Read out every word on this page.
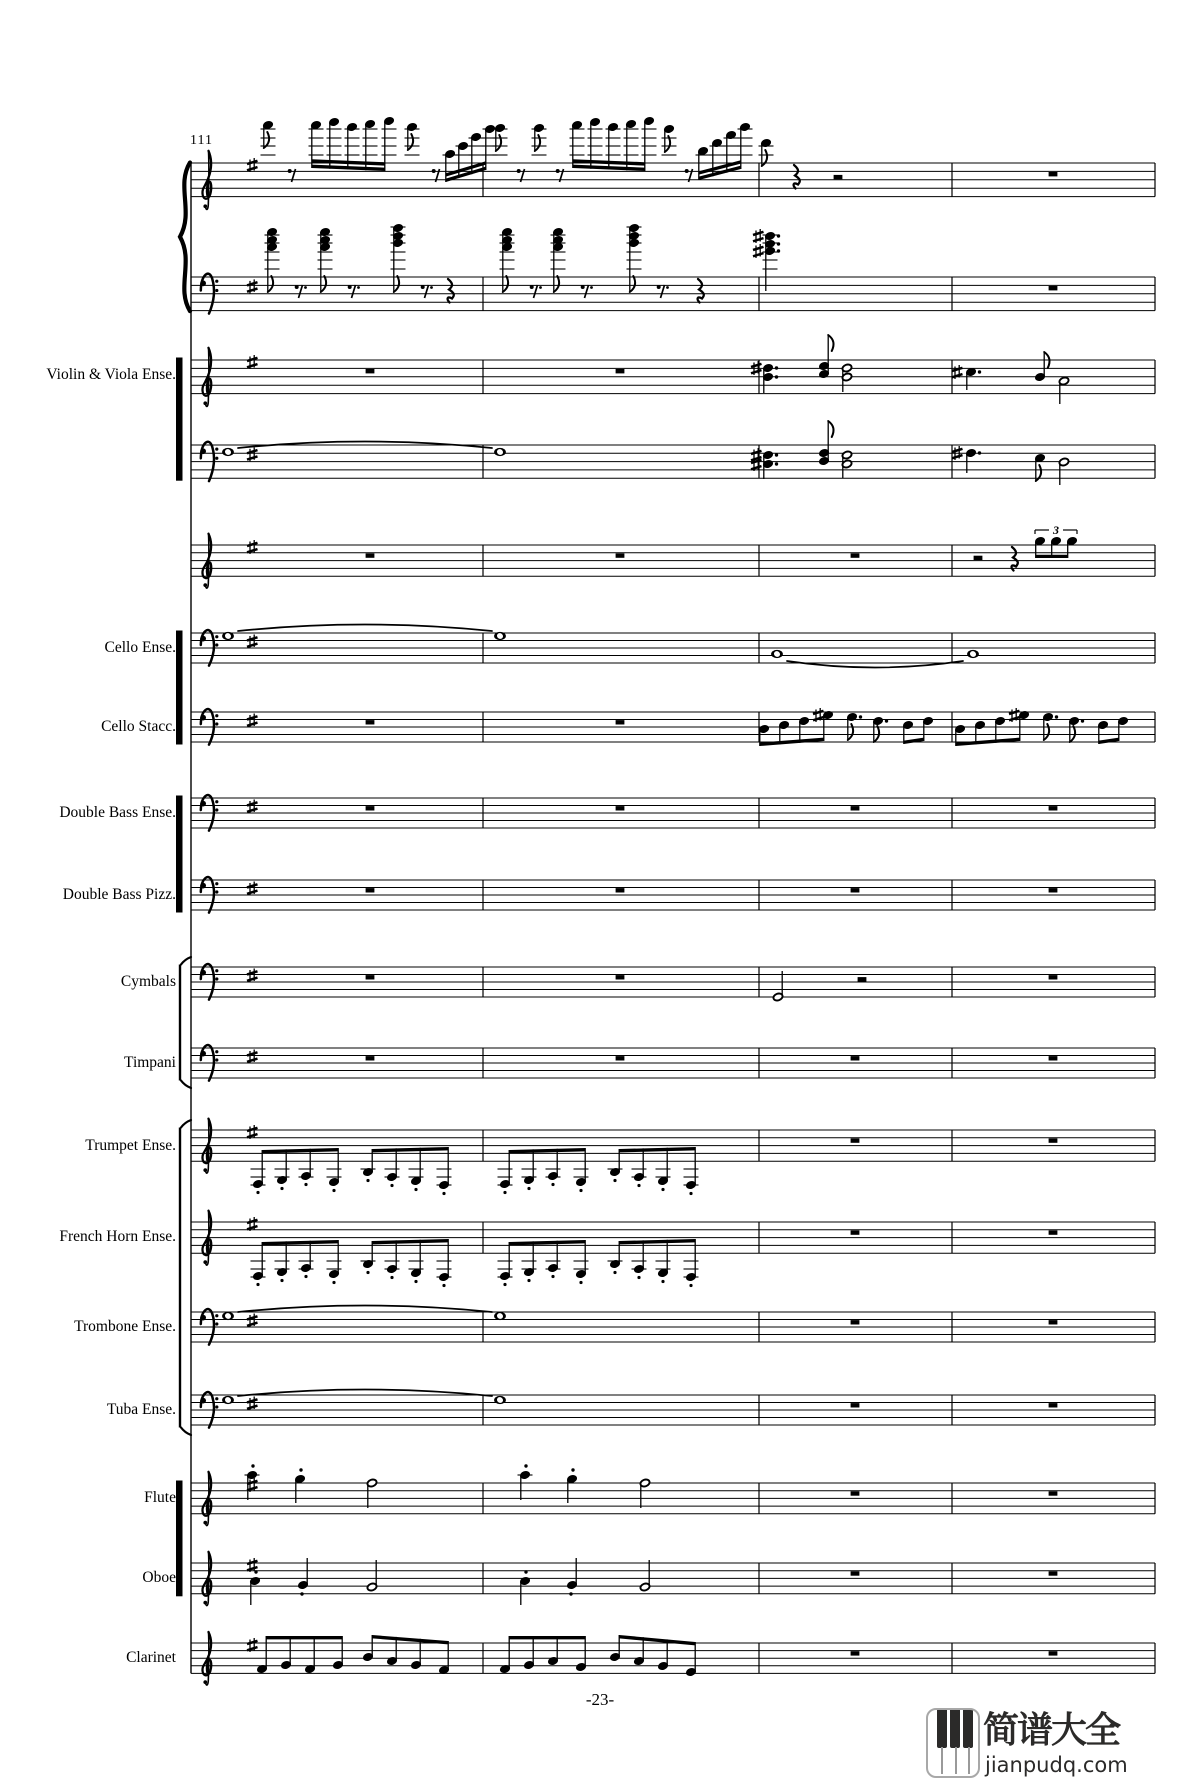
3
111
Violin & Viola Ense.
Cello Ense.
Cello Stacc.
Double Bass Ense.
Double Bass Pizz.
Cymbals
Timpani
Trumpet Ense.
French Horn Ense.
Trombone Ense.
Tuba Ense.
Flute
Oboe
Clarinet
-23-
简谱大全
jianpudq.com
